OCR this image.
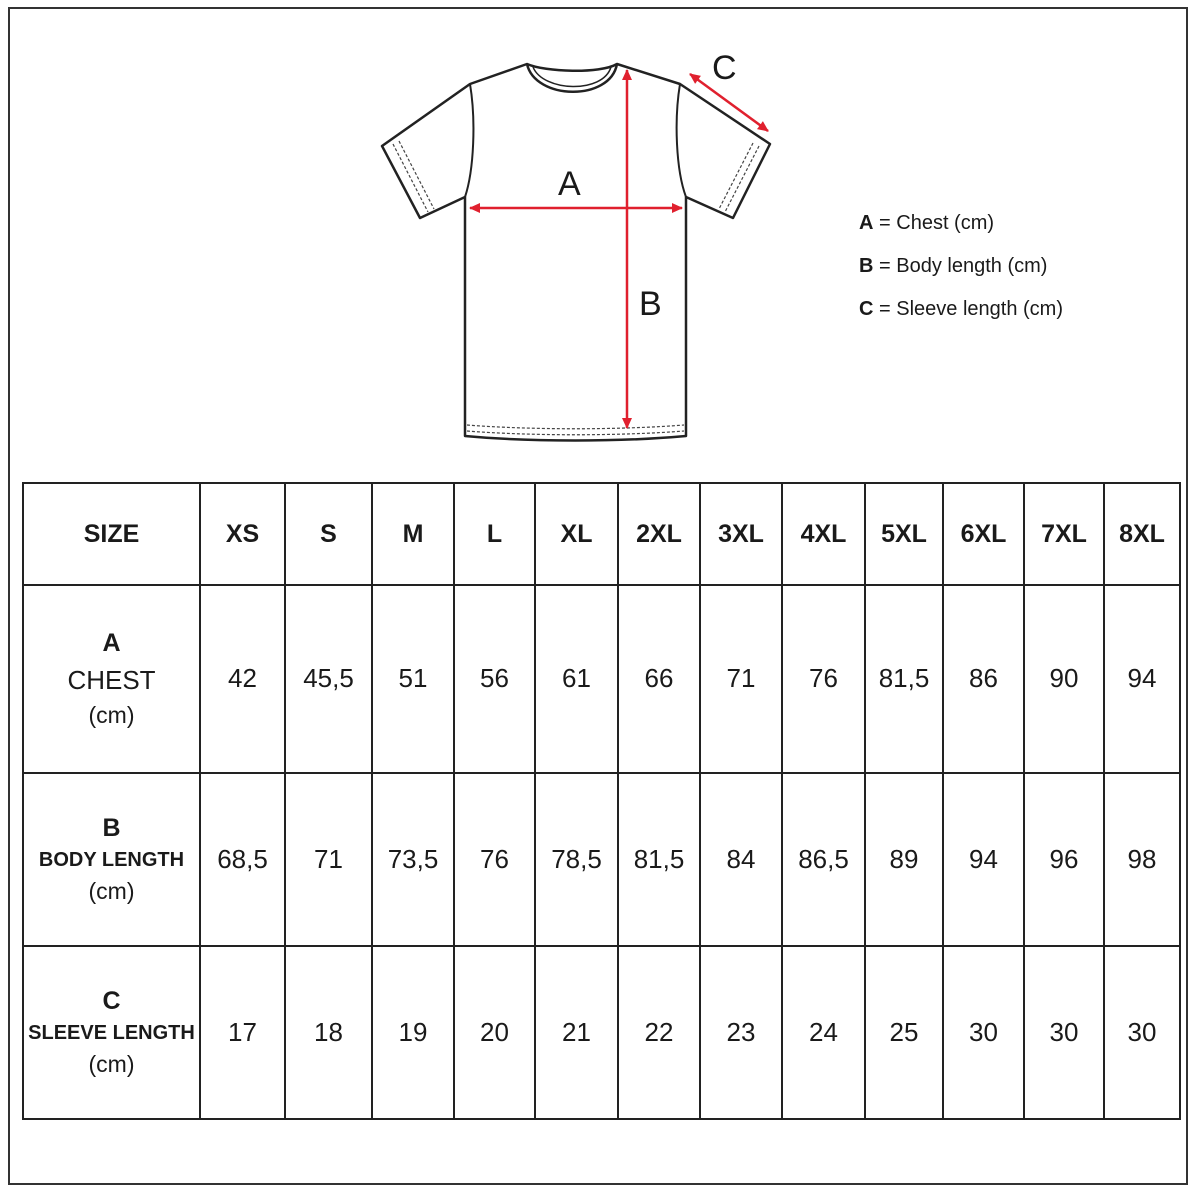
A
B
C
A = Chest (cm)
B = Body length (cm)
C = Sleeve length (cm)
SIZE	XS	S	M	L	XL	2XL	3XL	4XL	5XL	6XL	7XL	8XL

A
CHEST
(cm)	42	45,5	51	56	61	66	71	76	81,5	86	90	94

B
BODY LENGTH
(cm)	68,5	71	73,5	76	78,5	81,5	84	86,5	89	94	96	98

C
SLEEVE LENGTH
(cm)	17	18	19	20	21	22	23	24	25	30	30	30
